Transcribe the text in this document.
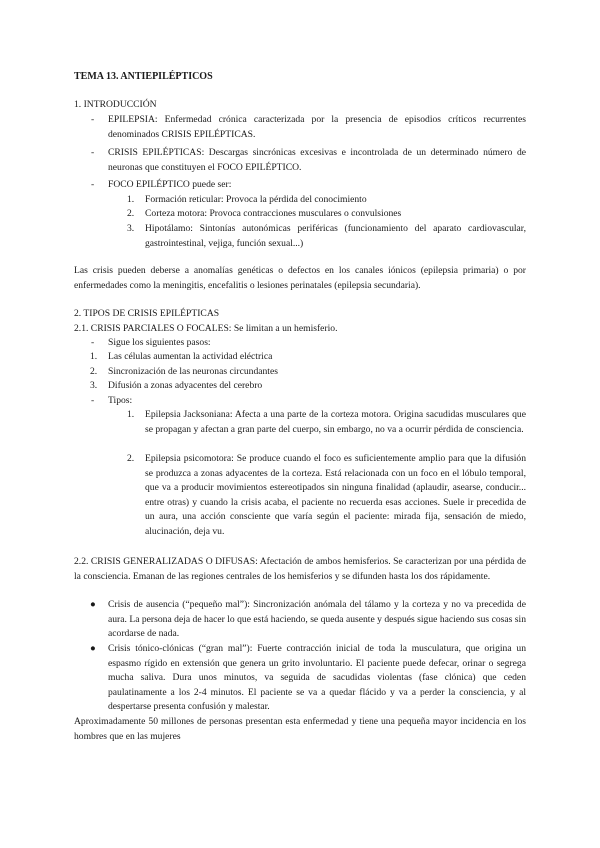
TEMA 13. ANTIEPILÉPTICOS
1. INTRODUCCIÓN
- EPILEPSIA: Enfermedad crónica caracterizada por la presencia de episodios críticos recurrentes denominados CRISIS EPILÉPTICAS.
- CRISIS EPILÉPTICAS: Descargas sincrónicas excesivas e incontrolada de un determinado número de neuronas que constituyen el FOCO EPILÉPTICO.
- FOCO EPILÉPTICO puede ser:
1. Formación reticular: Provoca la pérdida del conocimiento
2. Corteza motora: Provoca contracciones musculares o convulsiones
3. Hipotálamo: Sintonías autonómicas periféricas (funcionamiento del aparato cardiovascular, gastrointestinal, vejiga, función sexual...)
Las crisis pueden deberse a anomalías genéticas o defectos en los canales iónicos (epilepsia primaria) o por enfermedades como la meningitis, encefalitis o lesiones perinatales (epilepsia secundaria).
2. TIPOS DE CRISIS EPILÉPTICAS
2.1. CRISIS PARCIALES O FOCALES: Se limitan a un hemisferio.
- Sigue los siguientes pasos:
1. Las células aumentan la actividad eléctrica
2. Sincronización de las neuronas circundantes
3. Difusión a zonas adyacentes del cerebro
- Tipos:
1. Epilepsia Jacksoniana: Afecta a una parte de la corteza motora. Origina sacudidas musculares que se propagan y afectan a gran parte del cuerpo, sin embargo, no va a ocurrir pérdida de consciencia.
2. Epilepsia psicomotora: Se produce cuando el foco es suficientemente amplio para que la difusión se produzca a zonas adyacentes de la corteza. Está relacionada con un foco en el lóbulo temporal, que va a producir movimientos estereotipados sin ninguna finalidad (aplaudir, asearse, conducir... entre otras) y cuando la crisis acaba, el paciente no recuerda esas acciones. Suele ir precedida de un aura, una acción consciente que varía según el paciente: mirada fija, sensación de miedo, alucinación, deja vu.
2.2. CRISIS GENERALIZADAS O DIFUSAS: Afectación de ambos hemisferios. Se caracterizan por una pérdida de la consciencia. Emanan de las regiones centrales de los hemisferios y se difunden hasta los dos rápidamente.
● Crisis de ausencia (“pequeño mal”): Sincronización anómala del tálamo y la corteza y no va precedida de aura. La persona deja de hacer lo que está haciendo, se queda ausente y después sigue haciendo sus cosas sin acordarse de nada.
● Crisis tónico-clónicas (“gran mal”): Fuerte contracción inicial de toda la musculatura, que origina un espasmo rígido en extensión que genera un grito involuntario. El paciente puede defecar, orinar o segrega mucha saliva. Dura unos minutos, va seguida de sacudidas violentas (fase clónica) que ceden paulatinamente a los 2-4 minutos. El paciente se va a quedar flácido y va a perder la consciencia, y al despertarse presenta confusión y malestar.
Aproximadamente 50 millones de personas presentan esta enfermedad y tiene una pequeña mayor incidencia en los hombres que en las mujeres
